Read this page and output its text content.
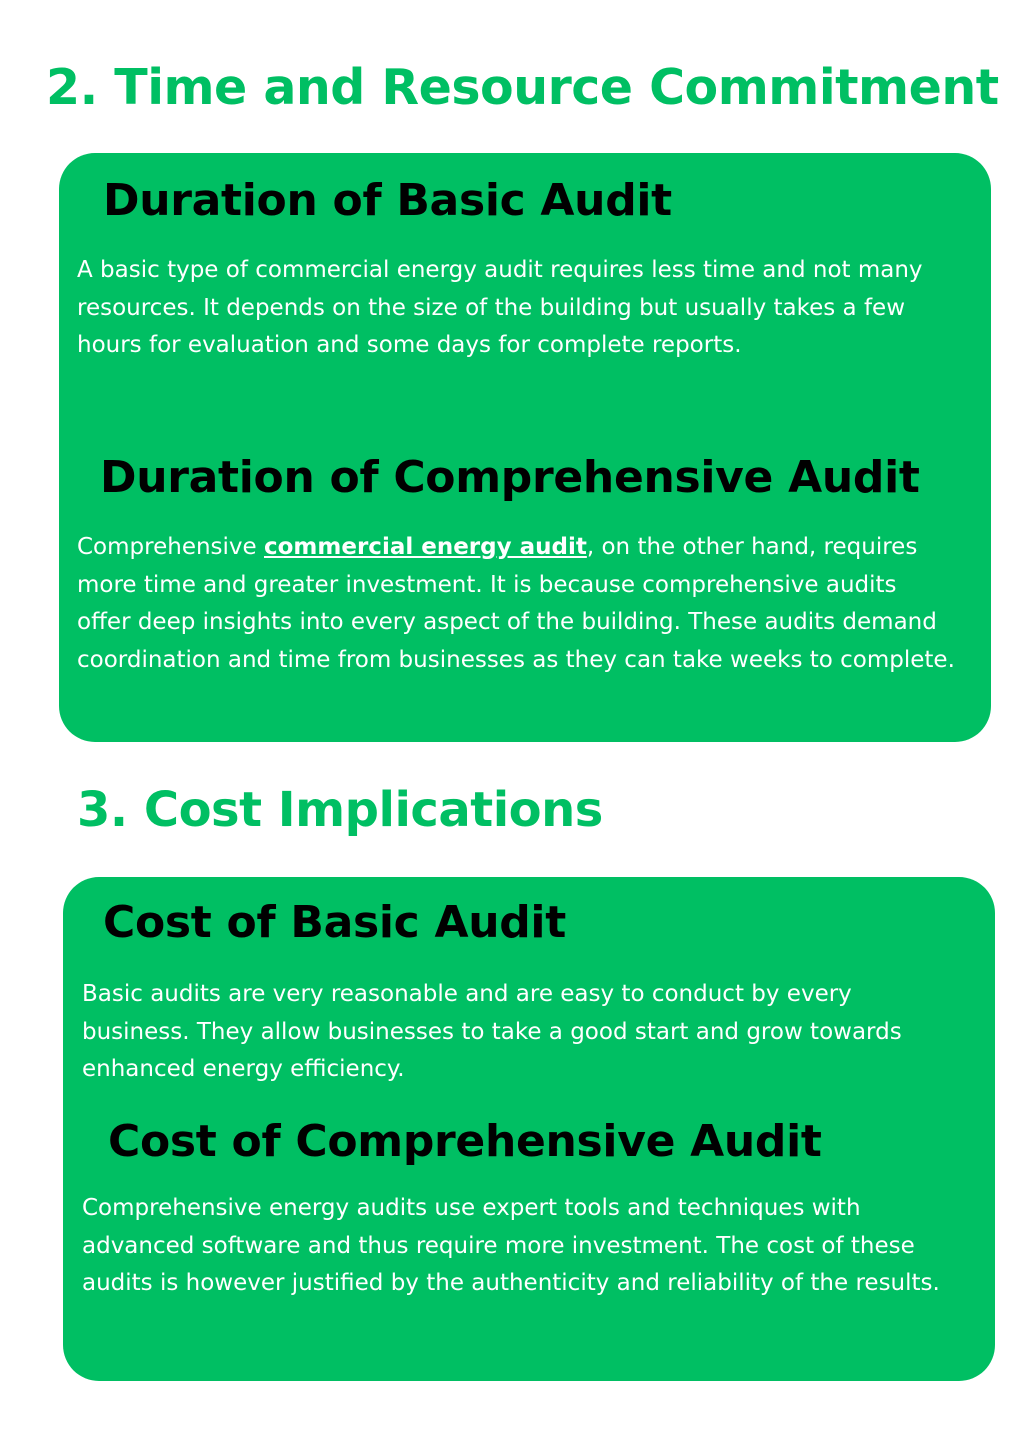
2. Time and Resource Commitment
Duration of Basic Audit

A basic type of commercial energy audit requires less time and not many resources. It depends on the size of the building but usually takes a few hours for evaluation and some days for complete reports.

Duration of Comprehensive Audit

Comprehensive commercial energy audit, on the other hand, requires more time and greater investment. It is because comprehensive audits offer deep insights into every aspect of the building. These audits demand coordination and time from businesses as they can take weeks to complete.

3. Cost Implications
Cost of Basic Audit

Basic audits are very reasonable and are easy to conduct by every business. They allow businesses to take a good start and grow towards enhanced energy efficiency.

Cost of Comprehensive Audit

Comprehensive energy audits use expert tools and techniques with advanced software and thus require more investment. The cost of these audits is however justified by the authenticity and reliability of the results.
